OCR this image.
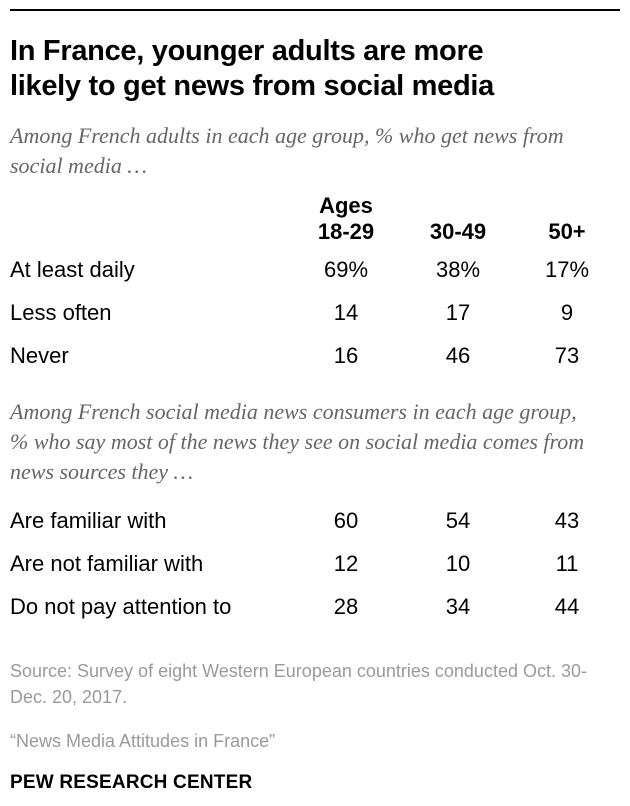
In France, younger adults are more likely to get news from social media

Among French adults in each age group, % who get news from social media …

Ages
18-29	30-49	50+
At least daily	69%	38%	17%
Less often	14	17	9
Never	16	46	73

Among French social media news consumers in each age group, % who say most of the news they see on social media comes from news sources they …

Are familiar with	60	54	43
Are not familiar with	12	10	11
Do not pay attention to	28	34	44

Source: Survey of eight Western European countries conducted Oct. 30-Dec. 20, 2017.

“News Media Attitudes in France”

PEW RESEARCH CENTER
